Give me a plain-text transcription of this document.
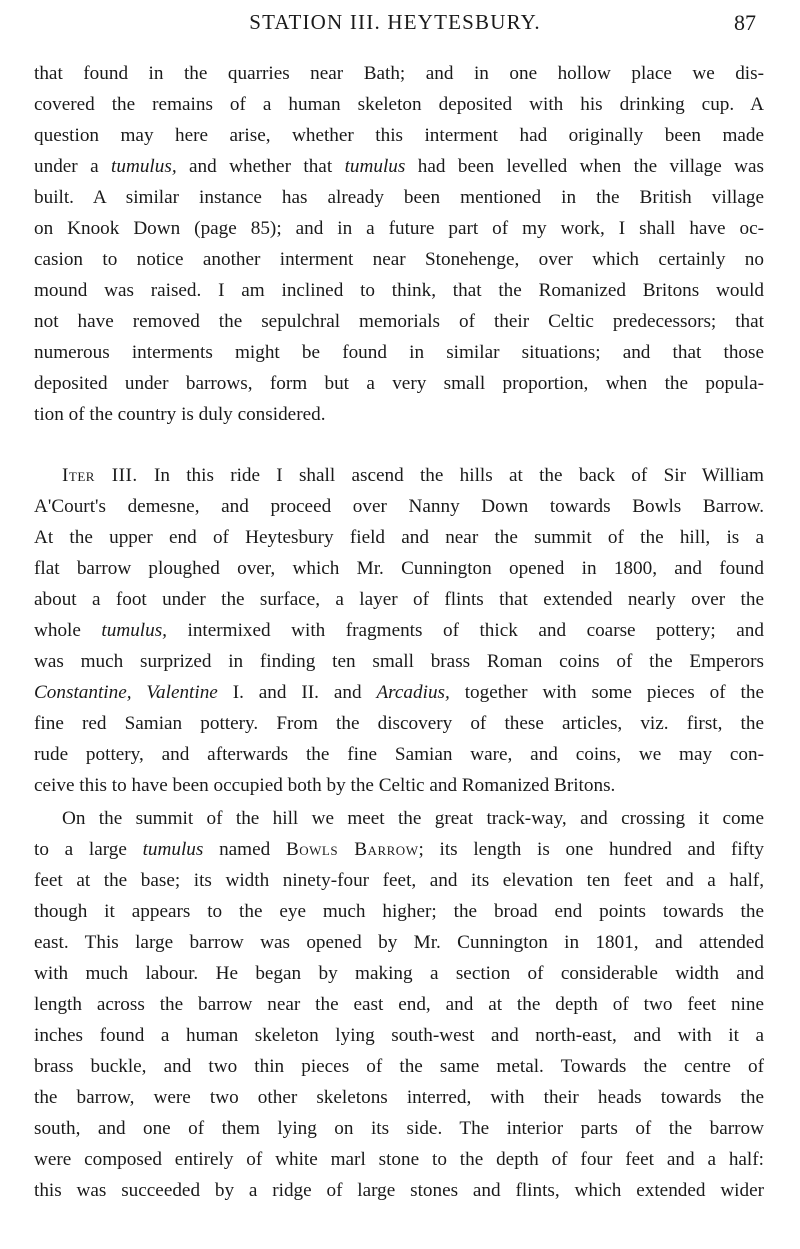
STATION III. HEYTESBURY.	87
that found in the quarries near Bath; and in one hollow place we dis-
covered the remains of a human skeleton deposited with his drinking cup. A
question may here arise, whether this interment had originally been made
under a tumulus, and whether that tumulus had been levelled when the village was
built. A similar instance has already been mentioned in the British village
on Knook Down (page 85); and in a future part of my work, I shall have oc-
casion to notice another interment near Stonehenge, over which certainly no
mound was raised. I am inclined to think, that the Romanized Britons would
not have removed the sepulchral memorials of their Celtic predecessors; that
numerous interments might be found in similar situations; and that those
deposited under barrows, form but a very small proportion, when the popula-
tion of the country is duly considered.
Iter III. In this ride I shall ascend the hills at the back of Sir William
A'Court's demesne, and proceed over Nanny Down towards Bowls Barrow.
At the upper end of Heytesbury field and near the summit of the hill, is a
flat barrow ploughed over, which Mr. Cunnington opened in 1800, and found
about a foot under the surface, a layer of flints that extended nearly over the
whole tumulus, intermixed with fragments of thick and coarse pottery; and
was much surprized in finding ten small brass Roman coins of the Emperors
Constantine, Valentine I. and II. and Arcadius, together with some pieces of the
fine red Samian pottery. From the discovery of these articles, viz. first, the
rude pottery, and afterwards the fine Samian ware, and coins, we may con-
ceive this to have been occupied both by the Celtic and Romanized Britons.
On the summit of the hill we meet the great track-way, and crossing it come
to a large tumulus named Bowls Barrow; its length is one hundred and fifty
feet at the base; its width ninety-four feet, and its elevation ten feet and a half,
though it appears to the eye much higher; the broad end points towards the
east. This large barrow was opened by Mr. Cunnington in 1801, and attended
with much labour. He began by making a section of considerable width and
length across the barrow near the east end, and at the depth of two feet nine
inches found a human skeleton lying south-west and north-east, and with it a
brass buckle, and two thin pieces of the same metal. Towards the centre of
the barrow, were two other skeletons interred, with their heads towards the
south, and one of them lying on its side. The interior parts of the barrow
were composed entirely of white marl stone to the depth of four feet and a half:
this was succeeded by a ridge of large stones and flints, which extended wider
